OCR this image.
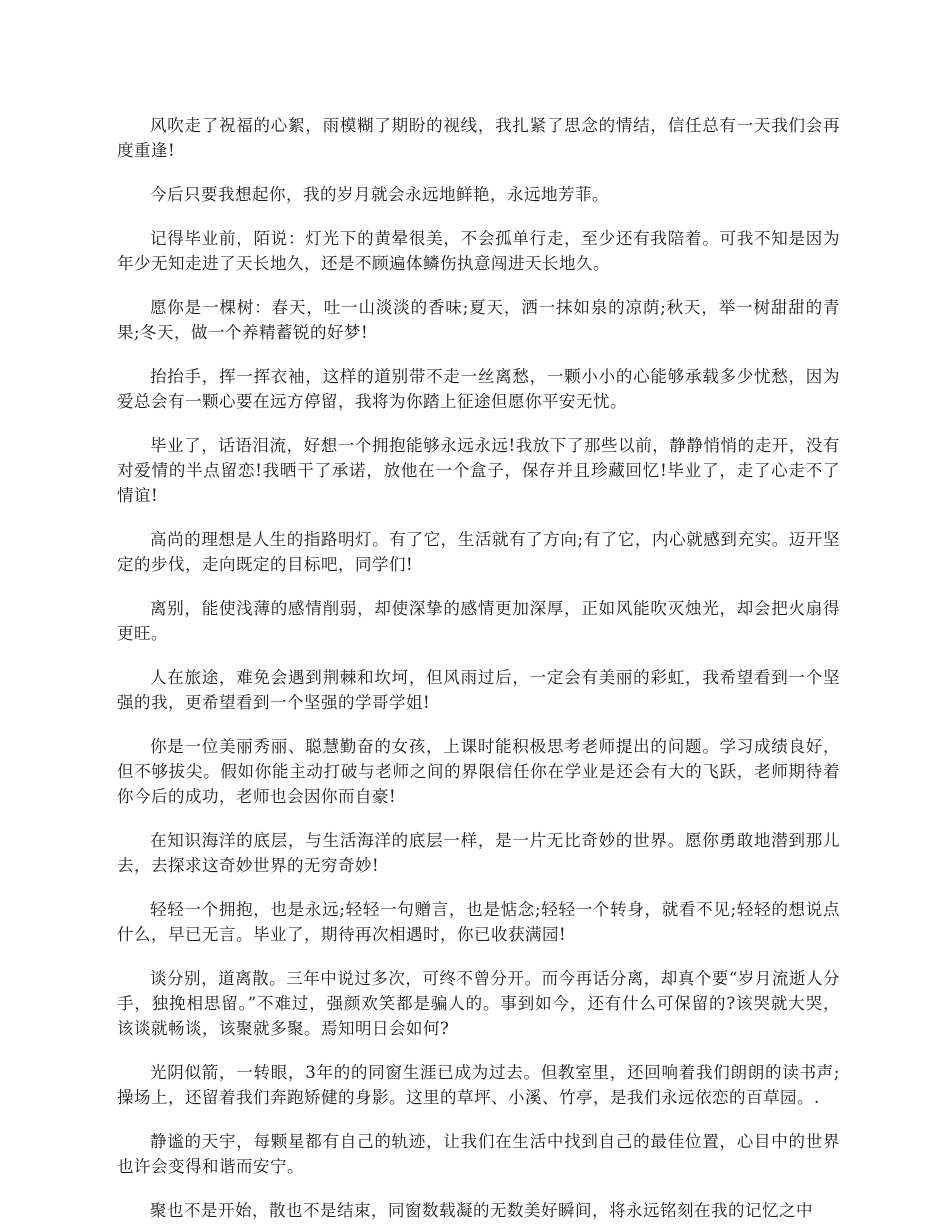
风吹走了祝福的心絮，雨模糊了期盼的视线，我扎紧了思念的情结，信任总有一天我们会再度重逢!

今后只要我想起你，我的岁月就会永远地鲜艳，永远地芳菲。

记得毕业前，陌说：灯光下的黄晕很美，不会孤单行走，至少还有我陪着。可我不知是因为年少无知走进了天长地久，还是不顾遍体鳞伤执意闯进天长地久。

愿你是一棵树：春天，吐一山淡淡的香味;夏天，洒一抹如泉的凉荫;秋天，举一树甜甜的青果;冬天，做一个养精蓄锐的好梦!

抬抬手，挥一挥衣袖，这样的道别带不走一丝离愁，一颗小小的心能够承载多少忧愁，因为爱总会有一颗心要在远方停留，我将为你踏上征途但愿你平安无忧。

毕业了，话语泪流，好想一个拥抱能够永远永远!我放下了那些以前，静静悄悄的走开，没有对爱情的半点留恋!我晒干了承诺，放他在一个盒子，保存并且珍藏回忆!毕业了，走了心走不了情谊!

高尚的理想是人生的指路明灯。有了它，生活就有了方向;有了它，内心就感到充实。迈开坚定的步伐，走向既定的目标吧，同学们!

离别，能使浅薄的感情削弱，却使深挚的感情更加深厚，正如风能吹灭烛光，却会把火扇得更旺。

人在旅途，难免会遇到荆棘和坎坷，但风雨过后，一定会有美丽的彩虹，我希望看到一个坚强的我，更希望看到一个坚强的学哥学姐!

你是一位美丽秀丽、聪慧勤奋的女孩，上课时能积极思考老师提出的问题。学习成绩良好，但不够拔尖。假如你能主动打破与老师之间的界限信任你在学业是还会有大的飞跃，老师期待着你今后的成功，老师也会因你而自豪!

在知识海洋的底层，与生活海洋的底层一样，是一片无比奇妙的世界。愿你勇敢地潜到那儿去，去探求这奇妙世界的无穷奇妙!

轻轻一个拥抱，也是永远;轻轻一句赠言，也是惦念;轻轻一个转身，就看不见;轻轻的想说点什么，早已无言。毕业了，期待再次相遇时，你已收获满园!

谈分别，道离散。三年中说过多次，可终不曾分开。而今再话分离，却真个要“岁月流逝人分手，独挽相思留。”不难过，强颜欢笑都是骗人的。事到如今，还有什么可保留的?该哭就大哭，该谈就畅谈，该聚就多聚。焉知明日会如何?

光阴似箭，一转眼，3年的的同窗生涯已成为过去。但教室里，还回响着我们朗朗的读书声;操场上，还留着我们奔跑矫健的身影。这里的草坪、小溪、竹亭，是我们永远依恋的百草园。.

静谧的天宇，每颗星都有自己的轨迹，让我们在生活中找到自己的最佳位置，心目中的世界也许会变得和谐而安宁。

聚也不是开始，散也不是结束，同窗数载凝的无数美好瞬间，将永远铭刻在我的记忆之中
